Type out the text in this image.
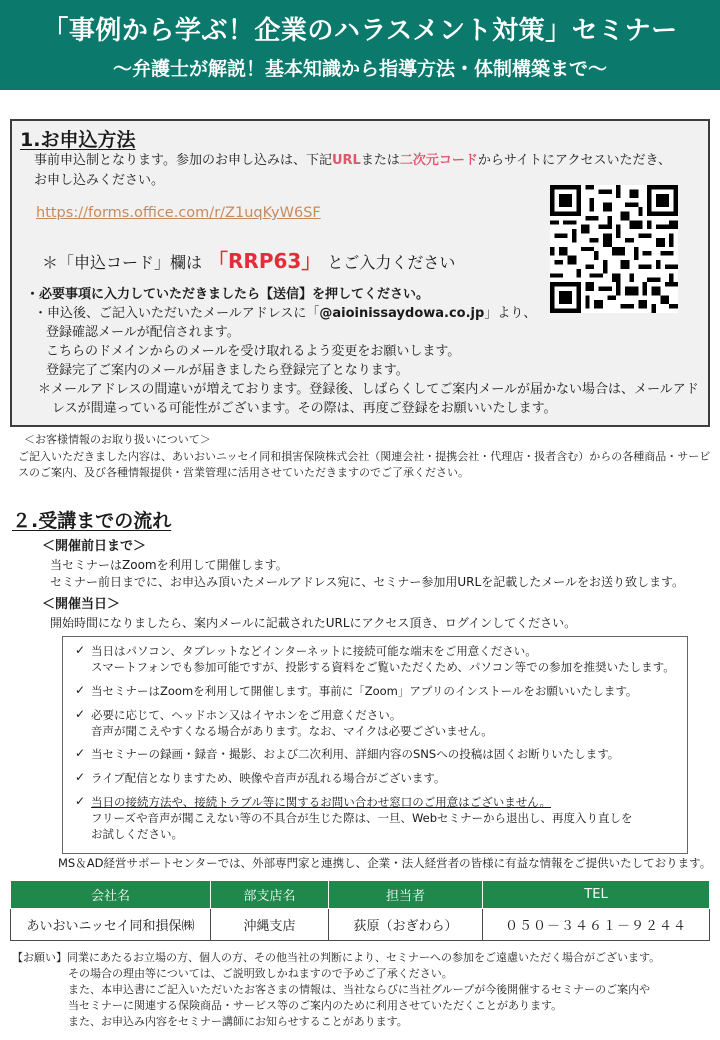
「事例から学ぶ！企業のハラスメント対策」セミナー
～弁護士が解説！基本知識から指導方法・体制構築まで～
1.お申込方法
事前申込制となります。参加のお申し込みは、下記URLまたは二次元コードからサイトにアクセスいただき、
お申し込みください。
https://forms.office.com/r/Z1uqKyW6SF
＊「申込コード」欄は 「RRP63」 とご入力ください
・必要事項に入力していただきましたら【送信】を押してください。
・申込後、ご記入いただいたメールアドレスに「@aioinissaydowa.co.jp」より、
登録確認メールが配信されます。
こちらのドメインからのメールを受け取れるよう変更をお願いします。
登録完了ご案内のメールが届きましたら登録完了となります。
＊メールアドレスの間違いが増えております。登録後、しばらくしてご案内メールが届かない場合は、メールアド
レスが間違っている可能性がございます。その際は、再度ご登録をお願いいたします。
＜お客様情報のお取り扱いについて＞
ご記入いただきました内容は、あいおいニッセイ同和損害保険株式会社（関連会社・提携会社・代理店・扱者含む）からの各種商品・サービ
スのご案内、及び各種情報提供・営業管理に活用させていただきますのでご了承ください。
２.受講までの流れ
＜開催前日まで＞
当セミナーはZoomを利用して開催します。
セミナー前日までに、お申込み頂いたメールアドレス宛に、セミナー参加用URLを記載したメールをお送り致します。
＜開催当日＞
開始時間になりましたら、案内メールに記載されたURLにアクセス頂き、ログインしてください。
✓ 当日はパソコン、タブレットなどインターネットに接続可能な端末をご用意ください。
スマートフォンでも参加可能ですが、投影する資料をご覧いただくため、パソコン等での参加を推奨いたします。
✓ 当セミナーはZoomを利用して開催します。事前に「Zoom」アプリのインストールをお願いいたします。
✓ 必要に応じて、ヘッドホン又はイヤホンをご用意ください。
音声が聞こえやすくなる場合があります。なお、マイクは必要ございません。
✓ 当セミナーの録画・録音・撮影、および二次利用、詳細内容のSNSへの投稿は固くお断りいたします。
✓ ライブ配信となりますため、映像や音声が乱れる場合がございます。
✓ 当日の接続方法や、接続トラブル等に関するお問い合わせ窓口のご用意はございません。
フリーズや音声が聞こえない等の不具合が生じた際は、一旦、Webセミナーから退出し、再度入り直しを
お試しください。
MS＆AD経営サポートセンターでは、外部専門家と連携し、企業・法人経営者の皆様に有益な情報をご提供いたしております。
会社名	部支店名	担当者	TEL
あいおいニッセイ同和損保㈱	沖縄支店	荻原（おぎわら）	０５０－３４６１－９２４４
【お願い】同業にあたるお立場の方、個人の方、その他当社の判断により、セミナーへの参加をご遠慮いただく場合がございます。
その場合の理由等については、ご説明致しかねますので予めご了承ください。
また、本申込書にご記入いただいたお客さまの情報は、当社ならびに当社グループが今後開催するセミナーのご案内や
当セミナーに関連する保険商品・サービス等のご案内のために利用させていただくことがあります。
また、お申込み内容をセミナー講師にお知らせすることがあります。
